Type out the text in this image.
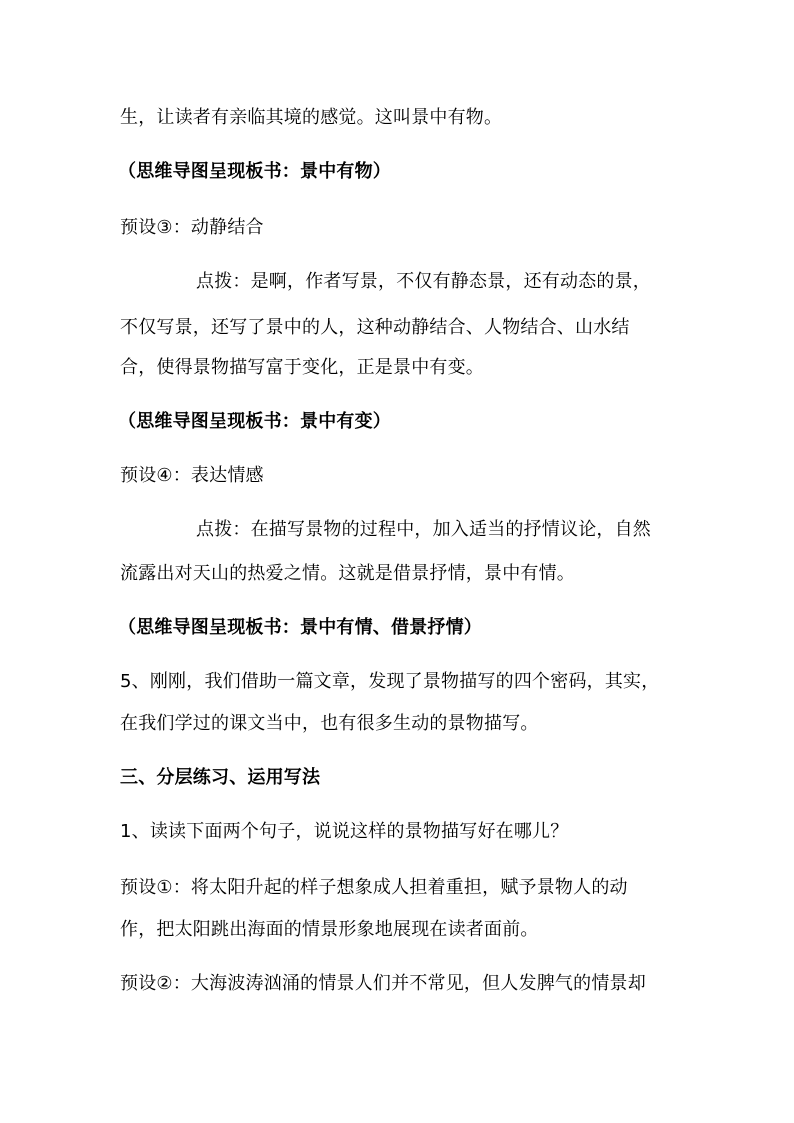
生，让读者有亲临其境的感觉。这叫景中有物。
（思维导图呈现板书：景中有物）
预设③：动静结合
点拨：是啊，作者写景，不仅有静态景，还有动态的景，
不仅写景，还写了景中的人，这种动静结合、人物结合、山水结
合，使得景物描写富于变化，正是景中有变。
（思维导图呈现板书：景中有变）
预设④：表达情感
点拨：在描写景物的过程中，加入适当的抒情议论，自然
流露出对天山的热爱之情。这就是借景抒情，景中有情。
（思维导图呈现板书：景中有情、借景抒情）
5、刚刚，我们借助一篇文章，发现了景物描写的四个密码，其实，
在我们学过的课文当中，也有很多生动的景物描写。
三、分层练习、运用写法
1、读读下面两个句子，说说这样的景物描写好在哪儿？
预设①：将太阳升起的样子想象成人担着重担，赋予景物人的动
作，把太阳跳出海面的情景形象地展现在读者面前。
预设②：大海波涛汹涌的情景人们并不常见，但人发脾气的情景却
